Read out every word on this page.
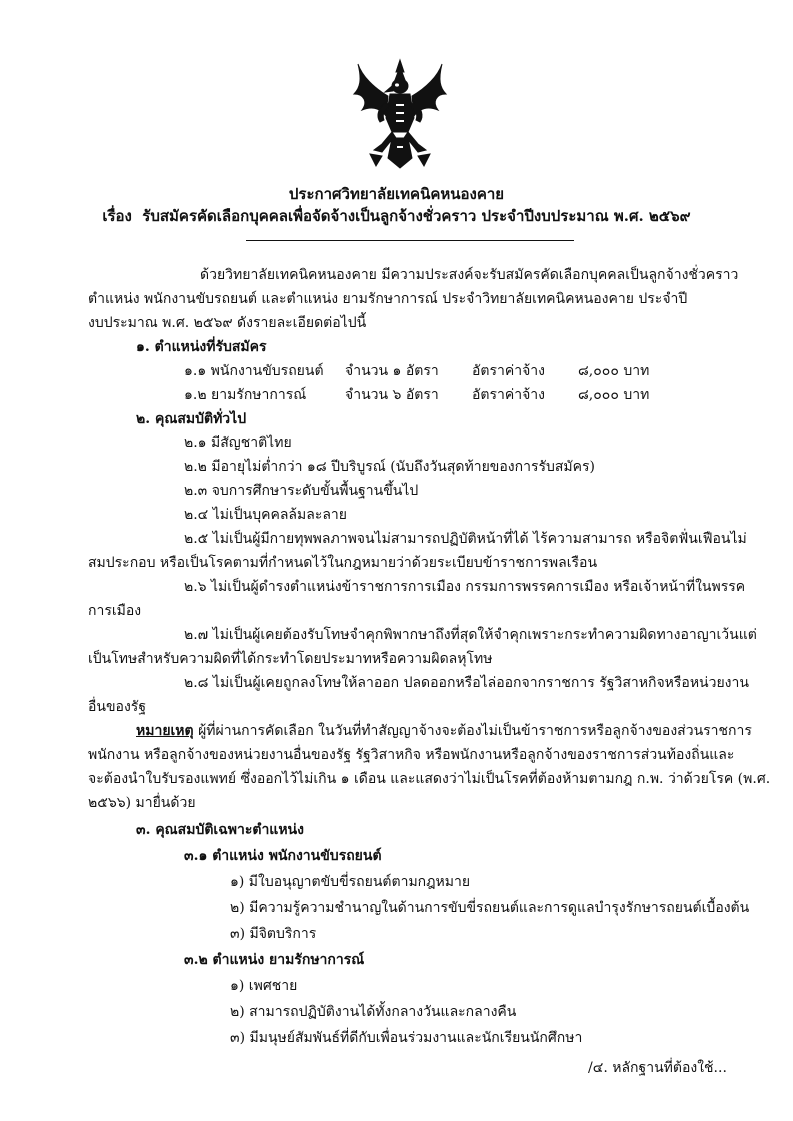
ประกาศวิทยาลัยเทคนิคหนองคาย
เรื่อง รับสมัครคัดเลือกบุคคลเพื่อจัดจ้างเป็นลูกจ้างชั่วคราว ประจำปีงบประมาณ พ.ศ. ๒๕๖๙
ด้วยวิทยาลัยเทคนิคหนองคาย มีความประสงค์จะรับสมัครคัดเลือกบุคคลเป็นลูกจ้างชั่วคราว
ตำแหน่ง พนักงานขับรถยนต์ และตำแหน่ง ยามรักษาการณ์ ประจำวิทยาลัยเทคนิคหนองคาย ประจำปี
งบประมาณ พ.ศ. ๒๕๖๙ ดังรายละเอียดต่อไปนี้
๑. ตำแหน่งที่รับสมัคร
๑.๑ พนักงานขับรถยนต์ จำนวน ๑ อัตรา อัตราค่าจ้าง ๘,๐๐๐ บาท
๑.๒ ยามรักษาการณ์	จำนวน ๖ อัตรา อัตราค่าจ้าง ๘,๐๐๐ บาท
๒. คุณสมบัติทั่วไป
๒.๑ มีสัญชาติไทย
๒.๒ มีอายุไม่ต่ำกว่า ๑๘ ปีบริบูรณ์ (นับถึงวันสุดท้ายของการรับสมัคร)
๒.๓ จบการศึกษาระดับขั้นพื้นฐานขึ้นไป
๒.๔ ไม่เป็นบุคคลล้มละลาย
๒.๕ ไม่เป็นผู้มีกายทุพพลภาพจนไม่สามารถปฏิบัติหน้าที่ได้ ไร้ความสามารถ หรือจิตฟั่นเฟือนไม่
สมประกอบ หรือเป็นโรคตามที่กำหนดไว้ในกฎหมายว่าด้วยระเบียบข้าราชการพลเรือน
๒.๖ ไม่เป็นผู้ดำรงตำแหน่งข้าราชการการเมือง กรรมการพรรคการเมือง หรือเจ้าหน้าที่ในพรรค
การเมือง
๒.๗ ไม่เป็นผู้เคยต้องรับโทษจำคุกพิพากษาถึงที่สุดให้จำคุกเพราะกระทำความผิดทางอาญาเว้นแต่
เป็นโทษสำหรับความผิดที่ได้กระทำโดยประมาทหรือความผิดลหุโทษ
๒.๘ ไม่เป็นผู้เคยถูกลงโทษให้ลาออก ปลดออกหรือไล่ออกจากราชการ รัฐวิสาหกิจหรือหน่วยงาน
อื่นของรัฐ
หมายเหตุ ผู้ที่ผ่านการคัดเลือก ในวันที่ทำสัญญาจ้างจะต้องไม่เป็นข้าราชการหรือลูกจ้างของส่วนราชการ
พนักงาน หรือลูกจ้างของหน่วยงานอื่นของรัฐ รัฐวิสาหกิจ หรือพนักงานหรือลูกจ้างของราชการส่วนท้องถิ่นและ
จะต้องนำใบรับรองแพทย์ ซึ่งออกไว้ไม่เกิน ๑ เดือน และแสดงว่าไม่เป็นโรคที่ต้องห้ามตามกฎ ก.พ. ว่าด้วยโรค (พ.ศ.
๒๕๖๖) มายื่นด้วย
๓. คุณสมบัติเฉพาะตำแหน่ง
๓.๑ ตำแหน่ง พนักงานขับรถยนต์
๑) มีใบอนุญาตขับขี่รถยนต์ตามกฎหมาย
๒) มีความรู้ความชำนาญในด้านการขับขี่รถยนต์และการดูแลบำรุงรักษารถยนต์เบื้องต้น
๓) มีจิตบริการ
๓.๒ ตำแหน่ง ยามรักษาการณ์
๑) เพศชาย
๒) สามารถปฏิบัติงานได้ทั้งกลางวันและกลางคืน
๓) มีมนุษย์สัมพันธ์ที่ดีกับเพื่อนร่วมงานและนักเรียนนักศึกษา
/๔. หลักฐานที่ต้องใช้...
